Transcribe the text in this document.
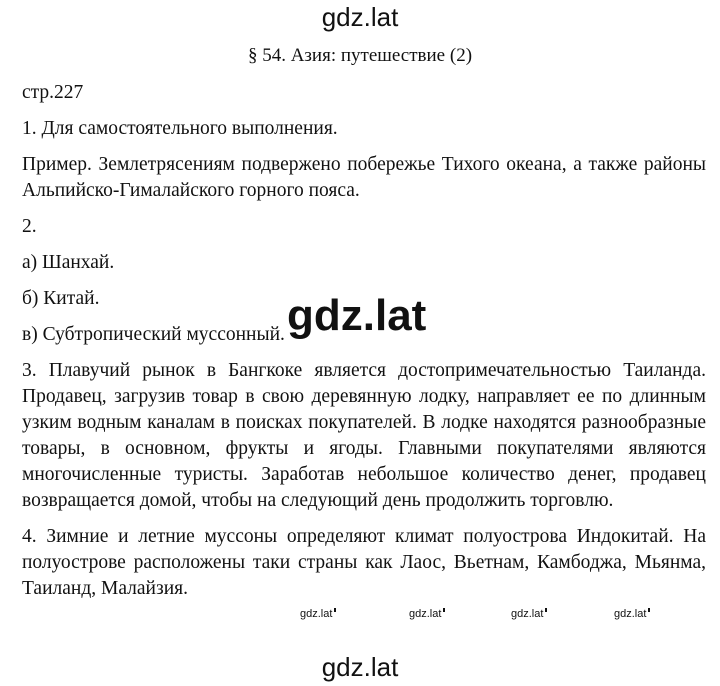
gdz.lat
§ 54. Азия: путешествие (2)

стр.227

1. Для самостоятельного выполнения.

Пример. Землетрясениям подвержено побережье Тихого океана, а также районы Альпийско-Гималайского горного пояса.

2.

а) Шанхай.

б) Китай.

в) Субтропический муссонный.

3. Плавучий рынок в Бангкоке является достопримечательностью Таиланда. Продавец, загрузив товар в свою деревянную лодку, направляет ее по длинным узким водным каналам в поисках покупателей. В лодке находятся разнообразные товары, в основном, фрукты и ягоды. Главными покупателями являются многочисленные туристы. Заработав небольшое количество денег, продавец возвращается домой, чтобы на следующий день продолжить торговлю.

4. Зимние и летние муссоны определяют климат полуострова Индокитай. На полуострове расположены таки страны как Лаос, Вьетнам, Камбоджа, Мьянма, Таиланд, Малайзия.

gdz.lat
gdz.lat	gdz.lat	gdz.lat	gdz.lat
gdz.lat
